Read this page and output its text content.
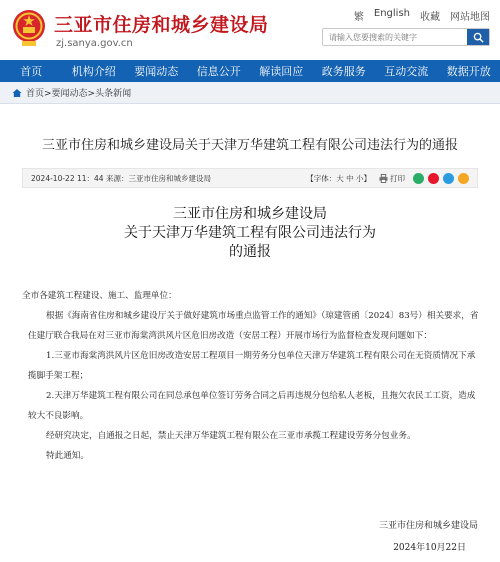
三亚市住房和城乡建设局
zj.sanya.gov.cn
繁 English 收藏 网站地图
请输入您要搜索的关键字
首页	机构介绍	要闻动态	信息公开	解读回应	政务服务	互动交流	数据开放
首页>要闻动态>头条新闻
三亚市住房和城乡建设局关于天津万华建筑工程有限公司违法行为的通报
2024-10-22 11：44 来源：三亚市住房和城乡建设局	【字体：大 中 小】	打印
三亚市住房和城乡建设局
关于天津万华建筑工程有限公司违法行为
的通报

全市各建筑工程建设、施工、监理单位：

根据《海南省住房和城乡建设厅关于做好建筑市场重点监管工作的通知》（琼建管函〔2024〕83号）相关要求，省住建厅联合我局在对三亚市海棠湾洪风片区危旧房改造（安居工程）开展市场行为监督检查发现问题如下：

1.三亚市海棠湾洪风片区危旧房改造安居工程项目一期劳务分包单位天津万华建筑工程有限公司在无资质情况下承揽脚手架工程；

2.天津万华建筑工程有限公司在同总承包单位签订劳务合同之后再违规分包给私人老板，且拖欠农民工工资，造成较大不良影响。

经研究决定，自通报之日起，禁止天津万华建筑工程有限公在三亚市承揽工程建设劳务分包业务。

特此通知。

三亚市住房和城乡建设局
2024年10月22日
